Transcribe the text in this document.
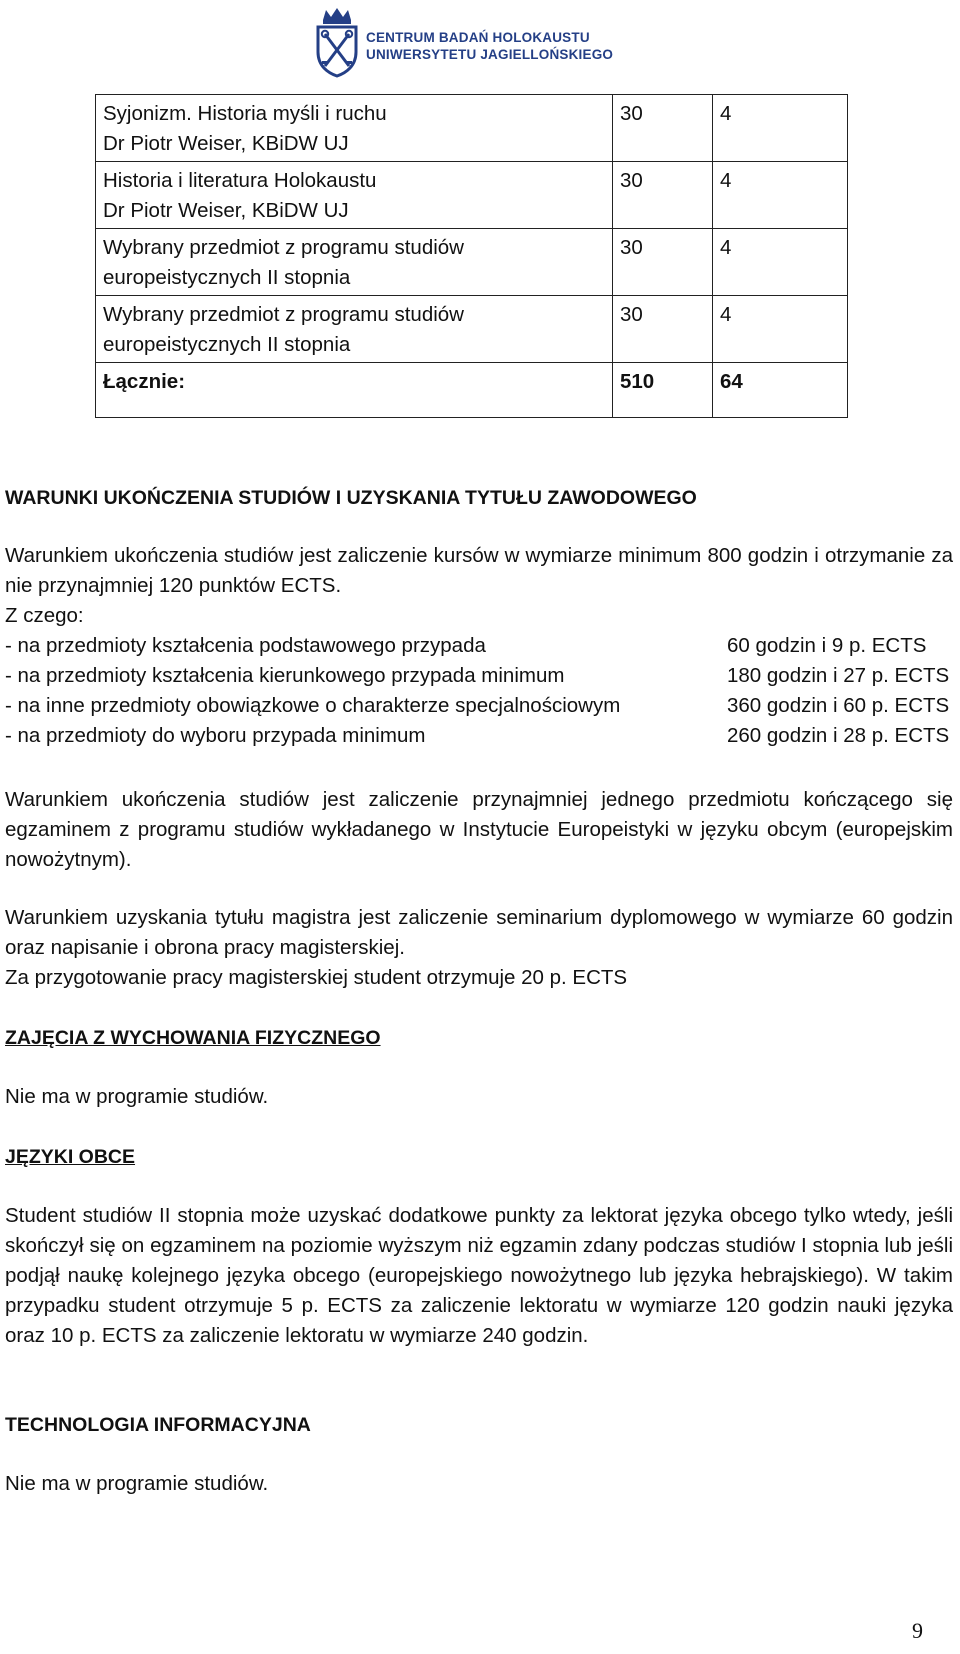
CENTRUM BADAŃ HOLOKAUSTU
UNIWERSYTETU JAGIELLOŃSKIEGO
Syjonizm. Historia myśli i ruchu
Dr Piotr Weiser, KBiDW UJ	30	4

Historia i literatura Holokaustu
Dr Piotr Weiser, KBiDW UJ	30	4

Wybrany przedmiot z programu studiów
europeistycznych II stopnia	30	4

Wybrany przedmiot z programu studiów
europeistycznych II stopnia	30	4
Łącznie:	510	64
WARUNKI UKOŃCZENIA STUDIÓW I UZYSKANIA TYTUŁU ZAWODOWEGO
Warunkiem ukończenia studiów jest zaliczenie kursów w wymiarze minimum 800 godzin i otrzymanie za nie przynajmniej 120 punktów ECTS.
Z czego:
- na przedmioty kształcenia podstawowego przypada	60 godzin i 9 p. ECTS
- na przedmioty kształcenia kierunkowego przypada minimum	180 godzin i 27 p. ECTS
- na inne przedmioty obowiązkowe o charakterze specjalnościowym	360 godzin i 60 p. ECTS
- na przedmioty do wyboru przypada minimum	260 godzin i 28 p. ECTS
Warunkiem ukończenia studiów jest zaliczenie przynajmniej jednego przedmiotu kończącego się egzaminem z programu studiów wykładanego w Instytucie Europeistyki w języku obcym (europejskim nowożytnym).
Warunkiem uzyskania tytułu magistra jest zaliczenie seminarium dyplomowego w wymiarze 60 godzin oraz napisanie i obrona pracy magisterskiej.
Za przygotowanie pracy magisterskiej student otrzymuje 20 p. ECTS
ZAJĘCIA Z WYCHOWANIA FIZYCZNEGO
Nie ma w programie studiów.
JĘZYKI OBCE
Student studiów II stopnia może uzyskać dodatkowe punkty za lektorat języka obcego tylko wtedy, jeśli skończył się on egzaminem na poziomie wyższym niż egzamin zdany podczas studiów I stopnia lub jeśli podjął naukę kolejnego języka obcego (europejskiego nowożytnego lub języka hebrajskiego). W takim przypadku student otrzymuje 5 p. ECTS za zaliczenie lektoratu w wymiarze 120 godzin nauki języka oraz 10 p. ECTS za zaliczenie lektoratu w wymiarze 240 godzin.
TECHNOLOGIA INFORMACYJNA
Nie ma w programie studiów.
9
